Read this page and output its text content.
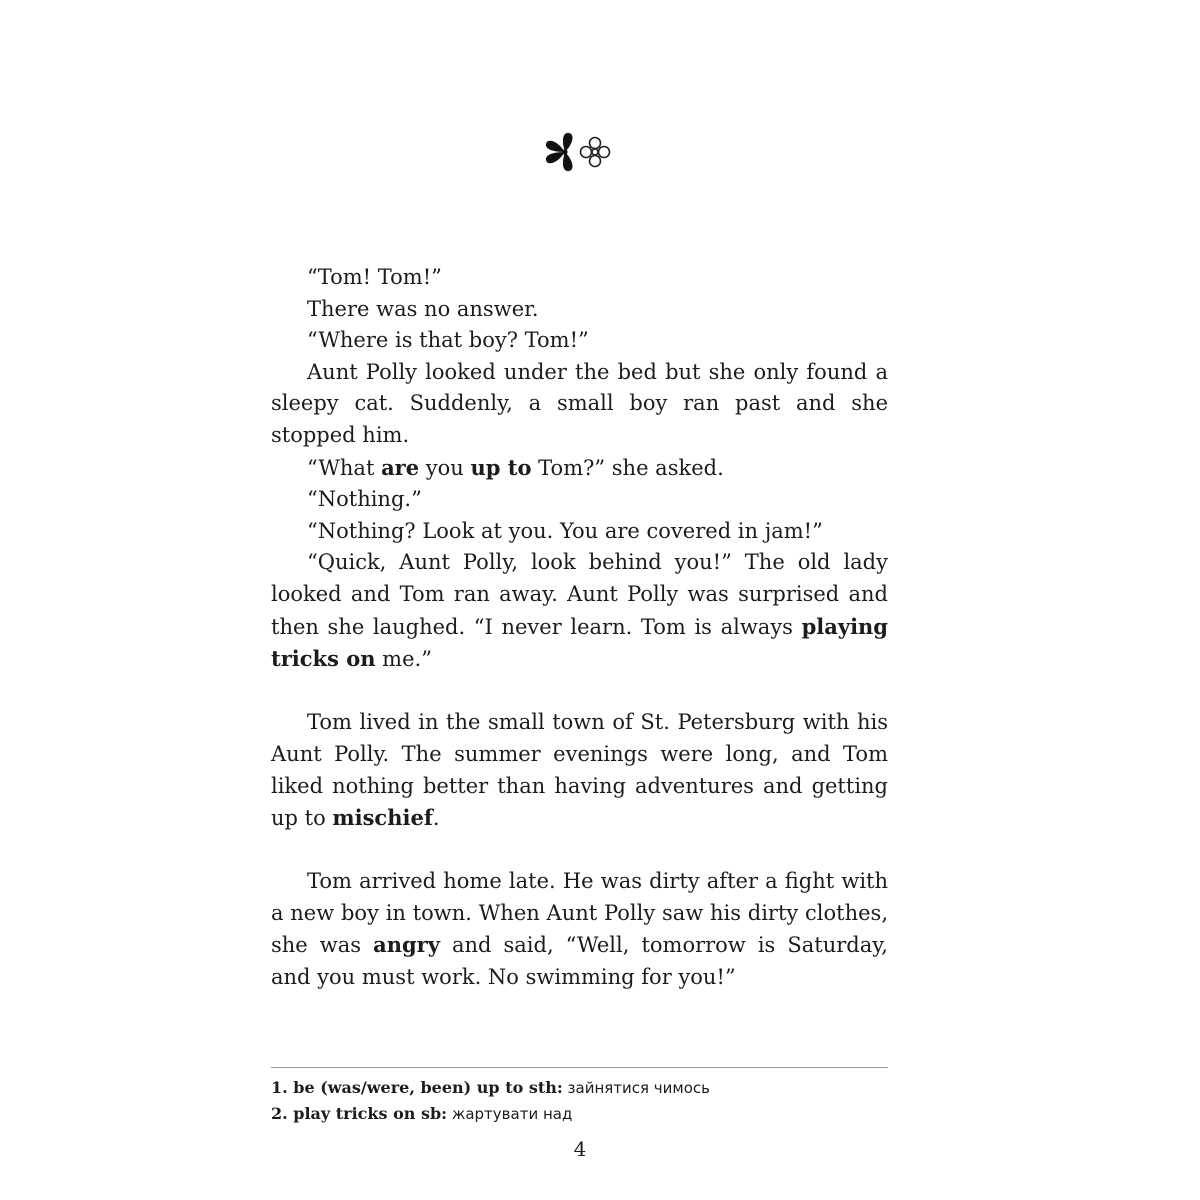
“Tom! Tom!”

There was no answer.

“Where is that boy? Tom!”

Aunt Polly looked under the bed but she only found a sleepy cat. Suddenly, a small boy ran past and she stopped him.

“What are you up to Tom?” she asked.

“Nothing.”

“Nothing? Look at you. You are covered in jam!”

“Quick, Aunt Polly, look behind you!” The old lady looked and Tom ran away. Aunt Polly was surprised and then she laughed. “I never learn. Tom is always playing tricks on me.”

Tom lived in the small town of St. Petersburg with his Aunt Polly. The summer evenings were long, and Tom liked nothing better than having adventures and getting up to mischief.

Tom arrived home late. He was dirty after a fight with a new boy in town. When Aunt Polly saw his dirty clothes, she was angry and said, “Well, tomorrow is Saturday, and you must work. No swimming for you!”

1. be (was/were, been) up to sth: зайнятися чимось
2. play tricks on sb: жартувати над
4
